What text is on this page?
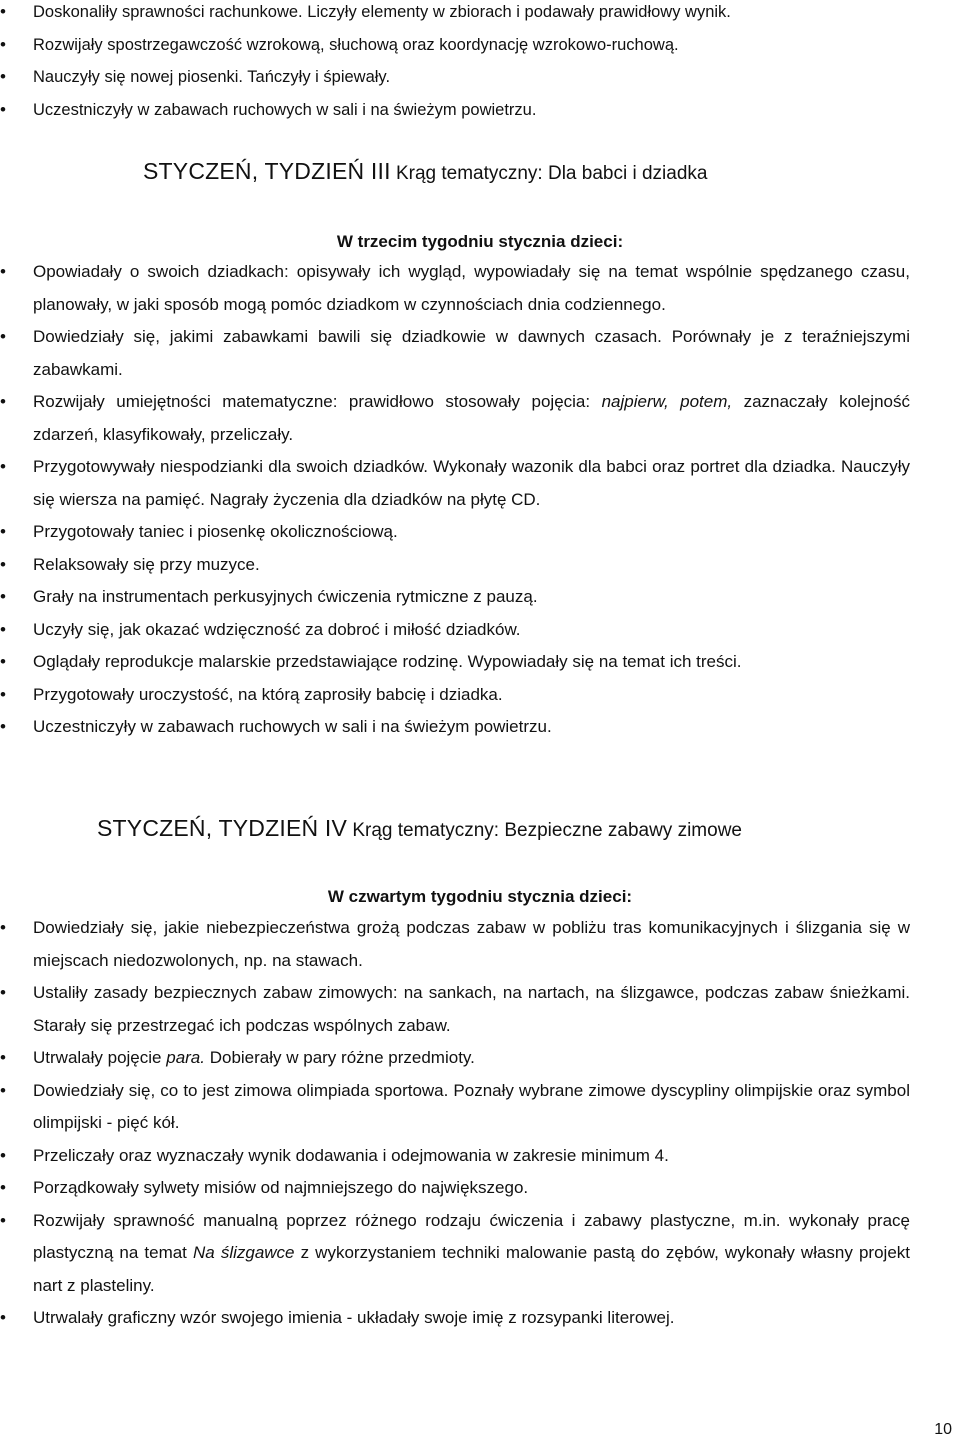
• Doskonaliły sprawności rachunkowe. Liczyły elementy w zbiorach i podawały prawidłowy wynik.
• Rozwijały spostrzegawczość wzrokową, słuchową oraz koordynację wzrokowo-ruchową.
• Nauczyły się nowej piosenki. Tańczyły i śpiewały.
• Uczestniczyły w zabawach ruchowych w sali i na świeżym powietrzu.
STYCZEŃ, TYDZIEŃ III Krąg tematyczny: Dla babci i dziadka
W trzecim tygodniu stycznia dzieci:
• Opowiadały o swoich dziadkach: opisywały ich wygląd, wypowiadały się na temat wspólnie spędzanego czasu, planowały, w jaki sposób mogą pomóc dziadkom w czynnościach dnia codziennego.
• Dowiedziały się, jakimi zabawkami bawili się dziadkowie w dawnych czasach. Porównały je z teraźniejszymi zabawkami.
• Rozwijały umiejętności matematyczne: prawidłowo stosowały pojęcia: najpierw, potem, zaznaczały kolejność zdarzeń, klasyfikowały, przeliczały.
• Przygotowywały niespodzianki dla swoich dziadków. Wykonały wazonik dla babci oraz portret dla dziadka. Nauczyły się wiersza na pamięć. Nagrały życzenia dla dziadków na płytę CD.
• Przygotowały taniec i piosenkę okolicznościową.
• Relaksowały się przy muzyce.
• Grały na instrumentach perkusyjnych ćwiczenia rytmiczne z pauzą.
• Uczyły się, jak okazać wdzięczność za dobroć i miłość dziadków.
• Oglądały reprodukcje malarskie przedstawiające rodzinę. Wypowiadały się na temat ich treści.
• Przygotowały uroczystość, na którą zaprosiły babcię i dziadka.
• Uczestniczyły w zabawach ruchowych w sali i na świeżym powietrzu.
STYCZEŃ, TYDZIEŃ IV Krąg tematyczny: Bezpieczne zabawy zimowe
W czwartym tygodniu stycznia dzieci:
• Dowiedziały się, jakie niebezpieczeństwa grożą podczas zabaw w pobliżu tras komunikacyjnych i ślizgania się w miejscach niedozwolonych, np. na stawach.
• Ustaliły zasady bezpiecznych zabaw zimowych: na sankach, na nartach, na ślizgawce, podczas zabaw śnieżkami. Starały się przestrzegać ich podczas wspólnych zabaw.
• Utrwalały pojęcie para. Dobierały w pary różne przedmioty.
• Dowiedziały się, co to jest zimowa olimpiada sportowa. Poznały wybrane zimowe dyscypliny olimpijskie oraz symbol olimpijski - pięć kół.
• Przeliczały oraz wyznaczały wynik dodawania i odejmowania w zakresie minimum 4.
• Porządkowały sylwety misiów od najmniejszego do największego.
• Rozwijały sprawność manualną poprzez różnego rodzaju ćwiczenia i zabawy plastyczne, m.in. wykonały pracę plastyczną na temat Na ślizgawce z wykorzystaniem techniki malowanie pastą do zębów, wykonały własny projekt nart z plasteliny.
• Utrwalały graficzny wzór swojego imienia - układały swoje imię z rozsypanki literowej.
10
